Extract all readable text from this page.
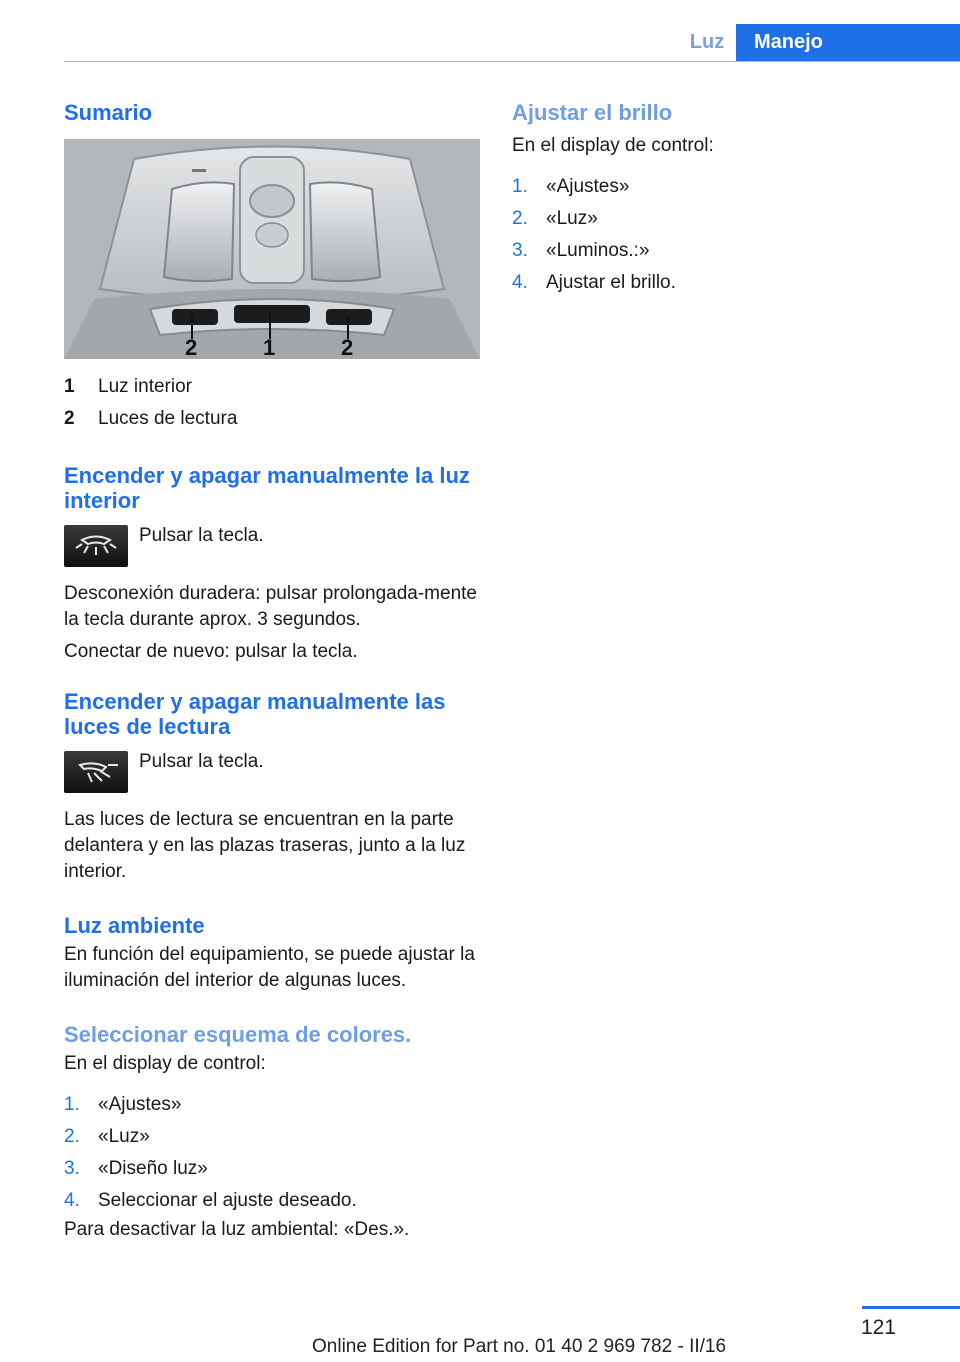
Luz	Manejo
Sumario
2	1	2
1	Luz interior
2	Luces de lectura
Encender y apagar manualmente la luz interior

Pulsar la tecla.

Desconexión duradera: pulsar prolongada‐mente la tecla durante aprox. 3 segundos.

Conectar de nuevo: pulsar la tecla.

Encender y apagar manualmente las luces de lectura

Pulsar la tecla.

Las luces de lectura se encuentran en la parte delantera y en las plazas traseras, junto a la luz interior.

Luz ambiente

En función del equipamiento, se puede ajustar la iluminación del interior de algunas luces.

Seleccionar esquema de colores.

En el display de control:

1. «Ajustes»
2. «Luz»
3. «Diseño luz»
4. Seleccionar el ajuste deseado.

Para desactivar la luz ambiental: «Des.».

Ajustar el brillo

En el display de control:

1. «Ajustes»
2. «Luz»
3. «Luminos.:»
4. Ajustar el brillo.
121
Online Edition for Part no. 01 40 2 969 782 - II/16
